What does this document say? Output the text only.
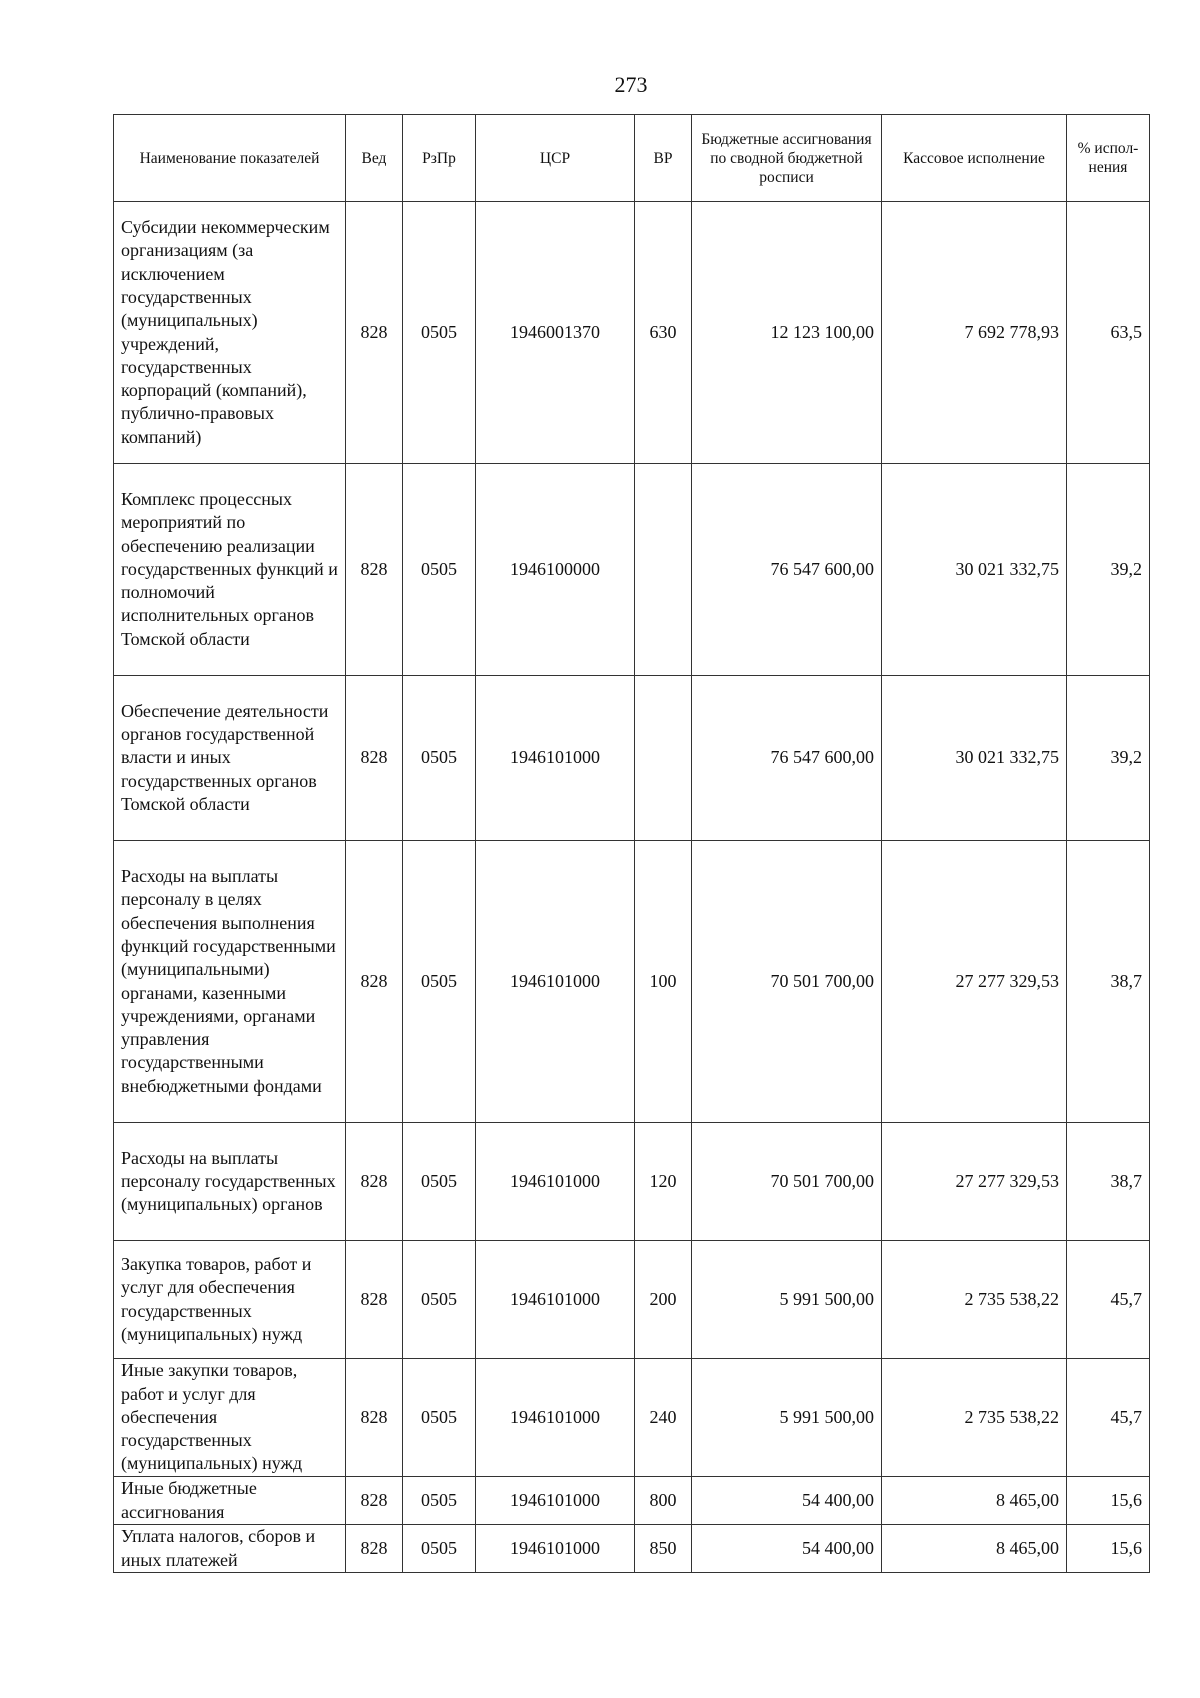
273
Наименование показателей	Вед	РзПр	ЦСР	ВР	Бюджетные ассигнования по сводной бюджетной росписи	Кассовое исполнение	% испол-нения
Субсидии некоммерческим организациям (за исключением государственных (муниципальных) учреждений, государственных корпораций (компаний), публично-правовых компаний)	828	0505	1946001370	630	12 123 100,00	7 692 778,93	63,5
Комплекс процессных мероприятий по обеспечению реализации государственных функций и полномочий исполнительных органов Томской области	828	0505	1946100000		76 547 600,00	30 021 332,75	39,2
Обеспечение деятельности органов государственной власти и иных государственных органов Томской области	828	0505	1946101000		76 547 600,00	30 021 332,75	39,2
Расходы на выплаты персоналу в целях обеспечения выполнения функций государственными (муниципальными) органами, казенными учреждениями, органами управления государственными внебюджетными фондами	828	0505	1946101000	100	70 501 700,00	27 277 329,53	38,7
Расходы на выплаты персоналу государственных (муниципальных) органов	828	0505	1946101000	120	70 501 700,00	27 277 329,53	38,7
Закупка товаров, работ и услуг для обеспечения государственных (муниципальных) нужд	828	0505	1946101000	200	5 991 500,00	2 735 538,22	45,7
Иные закупки товаров, работ и услуг для обеспечения государственных (муниципальных) нужд	828	0505	1946101000	240	5 991 500,00	2 735 538,22	45,7
Иные бюджетные ассигнования	828	0505	1946101000	800	54 400,00	8 465,00	15,6
Уплата налогов, сборов и иных платежей	828	0505	1946101000	850	54 400,00	8 465,00	15,6
